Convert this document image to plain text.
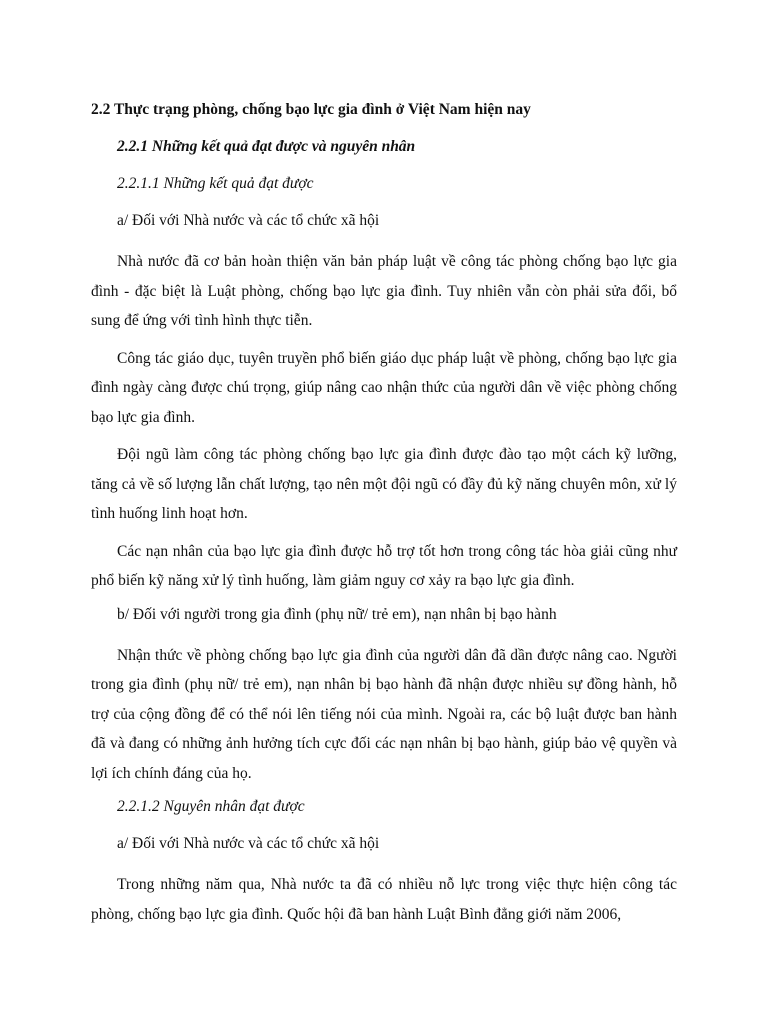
2.2 Thực trạng phòng, chống bạo lực gia đình ở Việt Nam hiện nay
2.2.1 Những kết quả đạt được và nguyên nhân
2.2.1.1 Những kết quả đạt được
a/ Đối với Nhà nước và các tổ chức xã hội

Nhà nước đã cơ bản hoàn thiện văn bản pháp luật về công tác phòng chống bạo lực gia đình - đặc biệt là Luật phòng, chống bạo lực gia đình. Tuy nhiên vẫn còn phải sửa đổi, bổ sung để ứng với tình hình thực tiễn.

Công tác giáo dục, tuyên truyền phổ biến giáo dục pháp luật về phòng, chống bạo lực gia đình ngày càng được chú trọng, giúp nâng cao nhận thức của người dân về việc phòng chống bạo lực gia đình.

Đội ngũ làm công tác phòng chống bạo lực gia đình được đào tạo một cách kỹ lưỡng, tăng cả về số lượng lẫn chất lượng, tạo nên một đội ngũ có đầy đủ kỹ năng chuyên môn, xử lý tình huống linh hoạt hơn.

Các nạn nhân của bạo lực gia đình được hỗ trợ tốt hơn trong công tác hòa giải cũng như phổ biến kỹ năng xử lý tình huống, làm giảm nguy cơ xảy ra bạo lực gia đình.

b/ Đối với người trong gia đình (phụ nữ/ trẻ em), nạn nhân bị bạo hành

Nhận thức về phòng chống bạo lực gia đình của người dân đã dần được nâng cao. Người trong gia đình (phụ nữ/ trẻ em), nạn nhân bị bạo hành đã nhận được nhiều sự đồng hành, hỗ trợ của cộng đồng để có thể nói lên tiếng nói của mình. Ngoài ra, các bộ luật được ban hành đã và đang có những ảnh hưởng tích cực đối các nạn nhân bị bạo hành, giúp bảo vệ quyền và lợi ích chính đáng của họ.

2.2.1.2 Nguyên nhân đạt được
a/ Đối với Nhà nước và các tổ chức xã hội

Trong những năm qua, Nhà nước ta đã có nhiều nỗ lực trong việc thực hiện công tác phòng, chống bạo lực gia đình. Quốc hội đã ban hành Luật Bình đẳng giới năm 2006,
